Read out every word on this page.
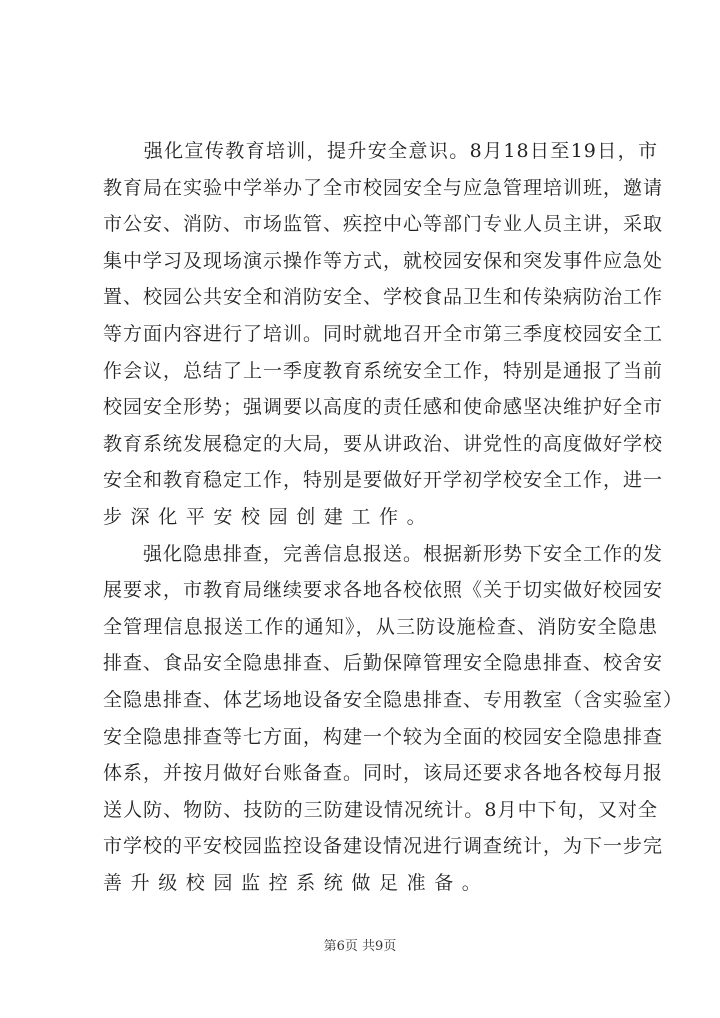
　　强化宣传教育培训，提升安全意识。8月18日至19日，市
教育局在实验中学举办了全市校园安全与应急管理培训班，邀请
市公安、消防、市场监管、疾控中心等部门专业人员主讲，采取
集中学习及现场演示操作等方式，就校园安保和突发事件应急处
置、校园公共安全和消防安全、学校食品卫生和传染病防治工作
等方面内容进行了培训。同时就地召开全市第三季度校园安全工
作会议，总结了上一季度教育系统安全工作，特别是通报了当前
校园安全形势；强调要以高度的责任感和使命感坚决维护好全市
教育系统发展稳定的大局，要从讲政治、讲党性的高度做好学校
安全和教育稳定工作，特别是要做好开学初学校安全工作，进一
步深化平安校园创建工作。
　　强化隐患排查，完善信息报送。根据新形势下安全工作的发
展要求，市教育局继续要求各地各校依照《关于切实做好校园安
全管理信息报送工作的通知》，从三防设施检查、消防安全隐患
排查、食品安全隐患排查、后勤保障管理安全隐患排查、校舍安
全隐患排查、体艺场地设备安全隐患排查、专用教室（含实验室）
安全隐患排查等七方面，构建一个较为全面的校园安全隐患排查
体系，并按月做好台账备查。同时，该局还要求各地各校每月报
送人防、物防、技防的三防建设情况统计。8月中下旬，又对全
市学校的平安校园监控设备建设情况进行调查统计，为下一步完
善升级校园监控系统做足准备。
第6页 共9页
